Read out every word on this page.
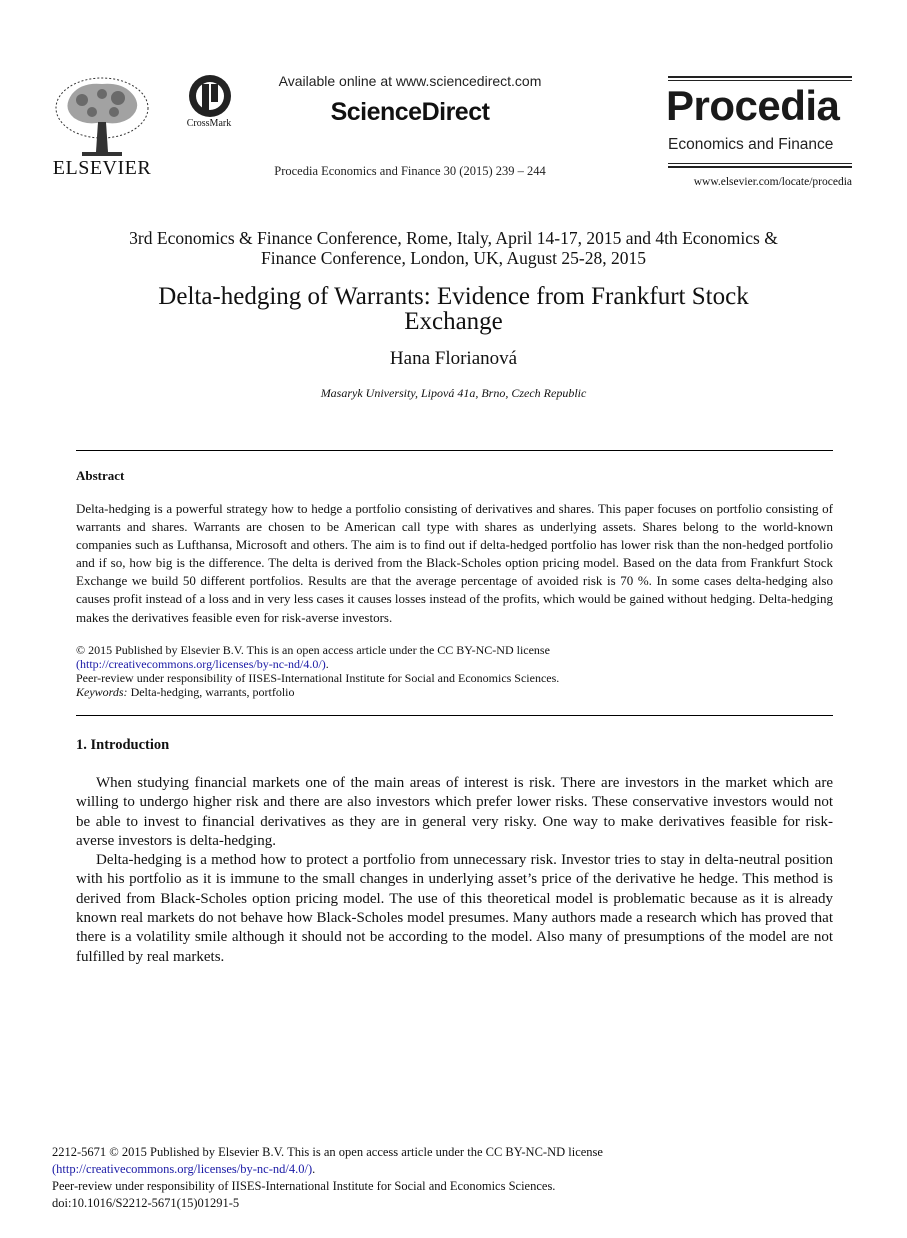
ELSEVIER
CrossMark
Available online at www.sciencedirect.com
ScienceDirect
Procedia Economics and Finance 30 (2015) 239 – 244
Procedia
Economics and Finance
www.elsevier.com/locate/procedia
3rd Economics & Finance Conference, Rome, Italy, April 14-17, 2015 and 4th Economics &
Finance Conference, London, UK, August 25-28, 2015
Delta-hedging of Warrants: Evidence from Frankfurt Stock
Exchange
Hana Florianová
Masaryk University, Lipová 41a, Brno, Czech Republic
Abstract
Delta-hedging is a powerful strategy how to hedge a portfolio consisting of derivatives and shares. This paper focuses on portfolio consisting of warrants and shares. Warrants are chosen to be American call type with shares as underlying assets. Shares belong to the world-known companies such as Lufthansa, Microsoft and others. The aim is to find out if delta-hedged portfolio has lower risk than the non-hedged portfolio and if so, how big is the difference. The delta is derived from the Black-Scholes option pricing model. Based on the data from Frankfurt Stock Exchange we build 50 different portfolios. Results are that the average percentage of avoided risk is 70 %. In some cases delta-hedging also causes profit instead of a loss and in very less cases it causes losses instead of the profits, which would be gained without hedging. Delta-hedging makes the derivatives feasible even for risk-averse investors.
© 2015 Published by Elsevier B.V. This is an open access article under the CC BY-NC-ND license
(http://creativecommons.org/licenses/by-nc-nd/4.0/).
Peer-review under responsibility of IISES-International Institute for Social and Economics Sciences.
Keywords: Delta-hedging, warrants, portfolio
1. Introduction

When studying financial markets one of the main areas of interest is risk. There are investors in the market which are willing to undergo higher risk and there are also investors which prefer lower risks. These conservative investors would not be able to invest to financial derivatives as they are in general very risky. One way to make derivatives feasible for risk-averse investors is delta-hedging.

Delta-hedging is a method how to protect a portfolio from unnecessary risk. Investor tries to stay in delta-neutral position with his portfolio as it is immune to the small changes in underlying asset’s price of the derivative he hedge. This method is derived from Black-Scholes option pricing model. The use of this theoretical model is problematic because as it is already known real markets do not behave how Black-Scholes model presumes. Many authors made a research which has proved that there is a volatility smile although it should not be according to the model. Also many of presumptions of the model are not fulfilled by real markets.

2212-5671 © 2015 Published by Elsevier B.V. This is an open access article under the CC BY-NC-ND license
(http://creativecommons.org/licenses/by-nc-nd/4.0/).
Peer-review under responsibility of IISES-International Institute for Social and Economics Sciences.
doi:10.1016/S2212-5671(15)01291-5
